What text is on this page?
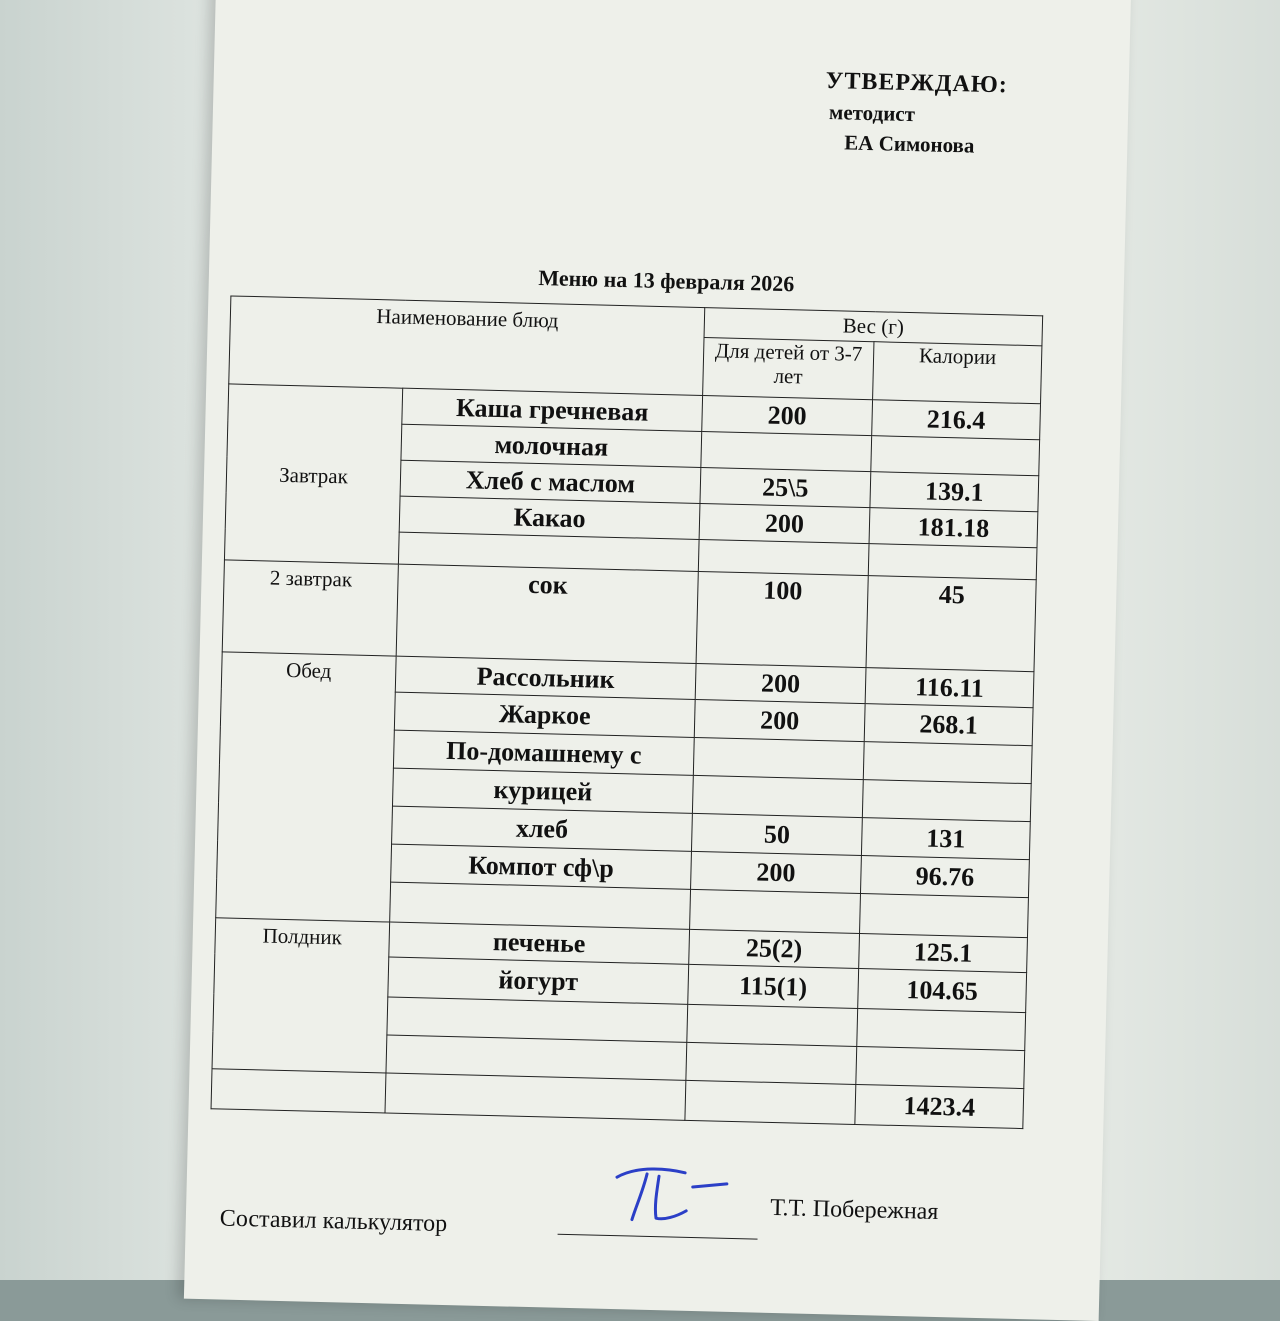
УТВЕРЖДАЮ:
методист
ЕА Симонова
Меню на 13 февраля 2026
Наименование блюд		Вес (г)	
		Для детей от 3-7 лет	Калории
Завтрак	Каша гречневая	200	216.4
	молочная		
	Хлеб с маслом	25\5	139.1
	Какао	200	181.18

2 завтрак	сок	100	45
Обед	Рассольник	200	116.11
	Жаркое	200	268.1
	По-домашнему с		
	курицей		
	хлеб	50	131
	Компот сф\р	200	96.76

Полдник	печенье	25(2)	125.1
	йогурт	115(1)	104.65

			1423.4
Составил калькулятор	Т.Т. Побережная
